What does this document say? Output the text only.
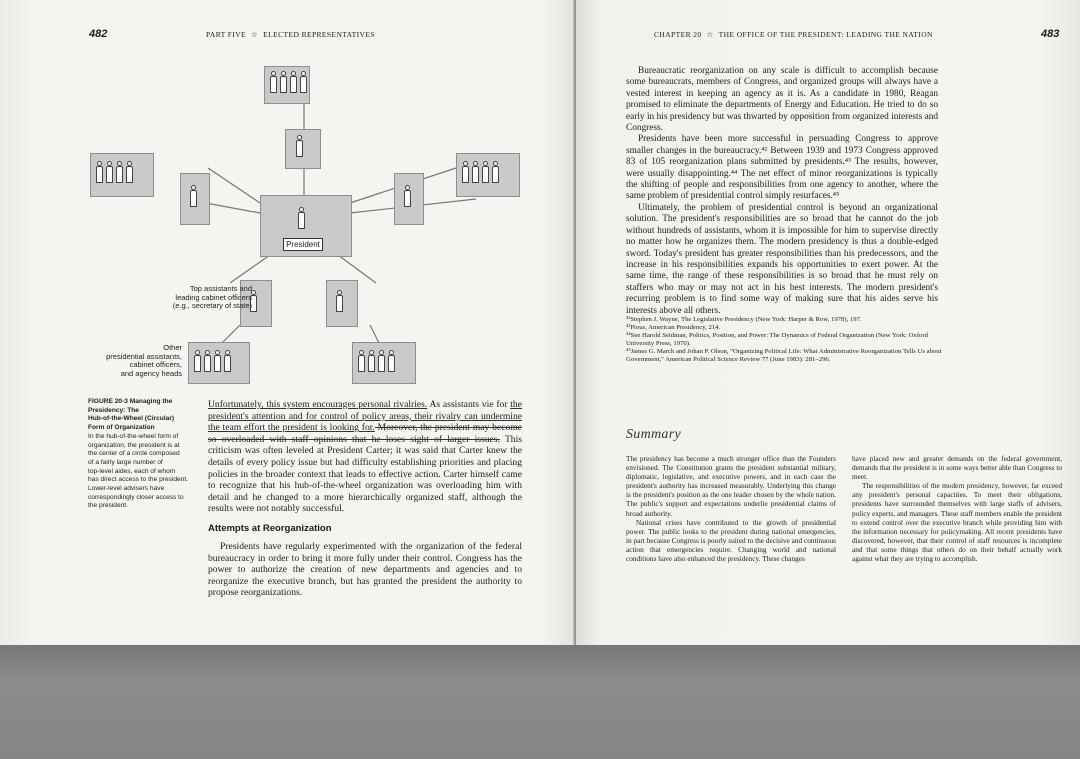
482	PART FIVE ☆ ELECTED REPRESENTATIVES
President
Top assistants and
leading cabinet officers
(e.g., secretary of state)
Other
presidential assistants,
cabinet officers,
and agency heads
FIGURE 20-3 Managing the
Presidency: The
Hub-of-the-Wheel (Circular)
Form of Organization
In the hub-of-the-wheel form of
organization, the president is at
the center of a circle composed
of a fairly large number of
top-level aides, each of whom
has direct access to the president.
Lower-level advisers have
correspondingly closer access to
the president.

Unfortunately, this system encourages personal rivalries. As assistants vie for the president's attention and for control of policy areas, their rivalry can undermine the team effort the president is looking for. Moreover, the president may become so overloaded with staff opinions that he loses sight of larger issues. This criticism was often leveled at President Carter; it was said that Carter knew the details of every policy issue but had difficulty establishing priorities and placing policies in the broader context that leads to effective action. Carter himself came to recognize that his hub-of-the-wheel organization was overloading him with detail and he changed to a more hierarchically organized staff, although the results were not notably successful.

Attempts at Reorganization

Presidents have regularly experimented with the organization of the federal bureaucracy in order to bring it more fully under their control. Congress has the power to authorize the creation of new departments and agencies and to reorganize the executive branch, but has granted the president the authority to propose reorganizations.

CHAPTER 20 ☆ THE OFFICE OF THE PRESIDENT: LEADING THE NATION	483

Bureaucratic reorganization on any scale is difficult to accomplish because some bureaucrats, members of Congress, and organized groups will always have a vested interest in keeping an agency as it is. As a candidate in 1980, Reagan promised to eliminate the departments of Energy and Education. He tried to do so early in his presidency but was thwarted by opposition from organized interests and Congress.

Presidents have been more successful in persuading Congress to approve smaller changes in the bureaucracy.⁴² Between 1939 and 1973 Congress approved 83 of 105 reorganization plans submitted by presidents.⁴³ The results, however, were usually disappointing.⁴⁴ The net effect of minor reorganizations is typically the shifting of people and responsibilities from one agency to another, where the same problem of presidential control simply resurfaces.⁴⁵

Ultimately, the problem of presidential control is beyond an organizational solution. The president's responsibilities are so broad that he cannot do the job without hundreds of assistants, whom it is impossible for him to supervise directly no matter how he organizes them. The modern presidency is thus a double-edged sword. Today's president has greater responsibilities than his predecessors, and the increase in his responsibilities expands his opportunities to exert power. At the same time, the range of these responsibilities is so broad that he must rely on staffers who may or may not act in his best interests. The modern president's recurring problem is to find some way of making sure that his aides serve his interests above all others.

⁴²Stephen J. Wayne, The Legislative Presidency (New York: Harper & Row, 1978), 197.
⁴³Pious, American Presidency, 214.
⁴⁴See Harold Seidman, Politics, Position, and Power: The Dynamics of Federal Organization (New York: Oxford University Press, 1970).
⁴⁵James G. March and Johan P. Olson, "Organizing Political Life: What Administrative Reorganization Tells Us about Government," American Political Science Review 77 (June 1983): 281–296.
Summary

The presidency has become a much stronger office than the Founders envisioned. The Constitution grants the president substantial military, diplomatic, legislative, and executive powers, and in each case the president's authority has increased measurably. Underlying this change is the president's position as the one leader chosen by the whole nation. The public's support and expectations underlie presidential claims of broad authority.

National crises have contributed to the growth of presidential power. The public looks to the president during national emergencies, in part because Congress is poorly suited to the decisive and continuous action that emergencies require. Changing world and national conditions have also enhanced the presidency. These changes

have placed new and greater demands on the federal government, demands that the president is in some ways better able than Congress to meet.

The responsibilities of the modern presidency, however, far exceed any president's personal capacities. To meet their obligations, presidents have surrounded themselves with large staffs of advisers, policy experts, and managers. These staff members enable the president to extend control over the executive branch while providing him with the information necessary for policymaking. All recent presidents have discovered, however, that their control of staff resources is incomplete and that some things that others do on their behalf actually work against what they are trying to accomplish.
